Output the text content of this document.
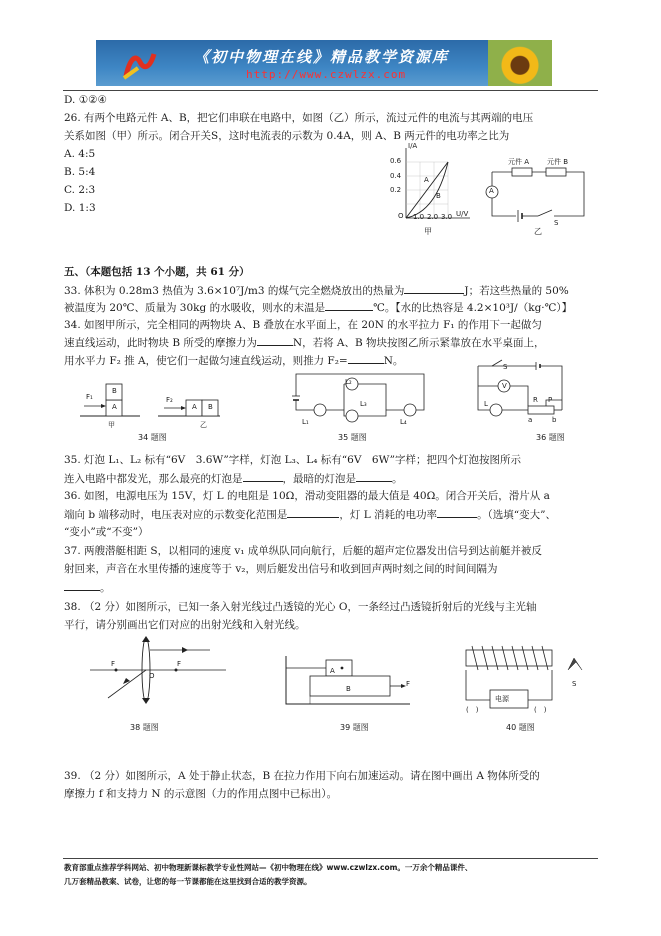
《初中物理在线》精品教学资源库
http://www.czwlzx.com
D. ①②④
26. 有两个电路元件 A、B，把它们串联在电路中，如图（乙）所示，流过元件的电流与其两端的电压
关系如图（甲）所示。闭合开关S，这时电流表的示数为 0.4A，则 A、B 两元件的电功率之比为
A. 4:5
B. 5:4
C. 2:3
D. 1:3
I/A
0.6
0.4
0.2
O 1.0 2.0 3.0 U/V
A
B
甲
元件 A	元件 B
A
S
乙
五、（本题包括 13 个小题，共 61 分）
33. 体积为 0.28m3 热值为 3.6×10⁷J/m3 的煤气完全燃烧放出的热量为	J；若这些热量的 50%
被温度为 20℃、质量为 30kg 的水吸收，则水的末温是	℃。【水的比热容是 4.2×10³J/（kg·℃）】
34. 如图甲所示，完全相同的两物块 A、B 叠放在水平面上，在 20N 的水平拉力 F₁ 的作用下一起做匀
速直线运动，此时物块 B 所受的摩擦力为	N，若将 A、B 物块按图乙所示紧靠放在水平桌面上，
用水平力 F₂ 推 A，使它们一起做匀速直线运动，则推力 F₂=	N。
F₁
A
B
F₂
A B
甲	乙
34 题图
L₁
L₂
L₃
L₄
35 题图
S
V
L	R P
a	b
36 题图
35. 灯泡 L₁、L₂ 标有“6V　3.6W”字样，灯泡 L₃、L₄ 标有“6V　6W”字样；把四个灯泡按图所示
连入电路中都发光，那么最亮的灯泡是	，最暗的灯泡是	。
36. 如图，电源电压为 15V，灯 L 的电阻是 10Ω，滑动变阻器的最大值是 40Ω。闭合开关后，滑片从 a
端向 b 端移动时，电压表对应的示数变化范围是	，灯 L 消耗的电功率	。（选填“变大”、
“变小”或“不变”）
37. 两艘潜艇相距 S，以相同的速度 v₁ 成单纵队同向航行，后艇的超声定位器发出信号到达前艇并被反
射回来，声音在水里传播的速度等于 v₂，则后艇发出信号和收到回声两时刻之间的时间间隔为
。
38. （2 分）如图所示，已知一条入射光线过凸透镜的光心 O，一条经过凸透镜折射后的光线与主光轴
平行，请分别画出它们对应的出射光线和入射光线。
F
O
F
38 题图
A
B
F
39 题图
S
电源
(　)	(　)
40 题图
39. （2 分）如图所示，A 处于静止状态，B 在拉力作用下向右加速运动。请在图中画出 A 物体所受的
摩擦力 f 和支持力 N 的示意图（力的作用点图中已标出）。
教育部重点推荐学科网站、初中物理新课标教学专业性网站—《初中物理在线》www.czwlzx.com。一万余个精品课件、
几万套精品教案、试卷，让您的每一节课都能在这里找到合适的教学资源。
